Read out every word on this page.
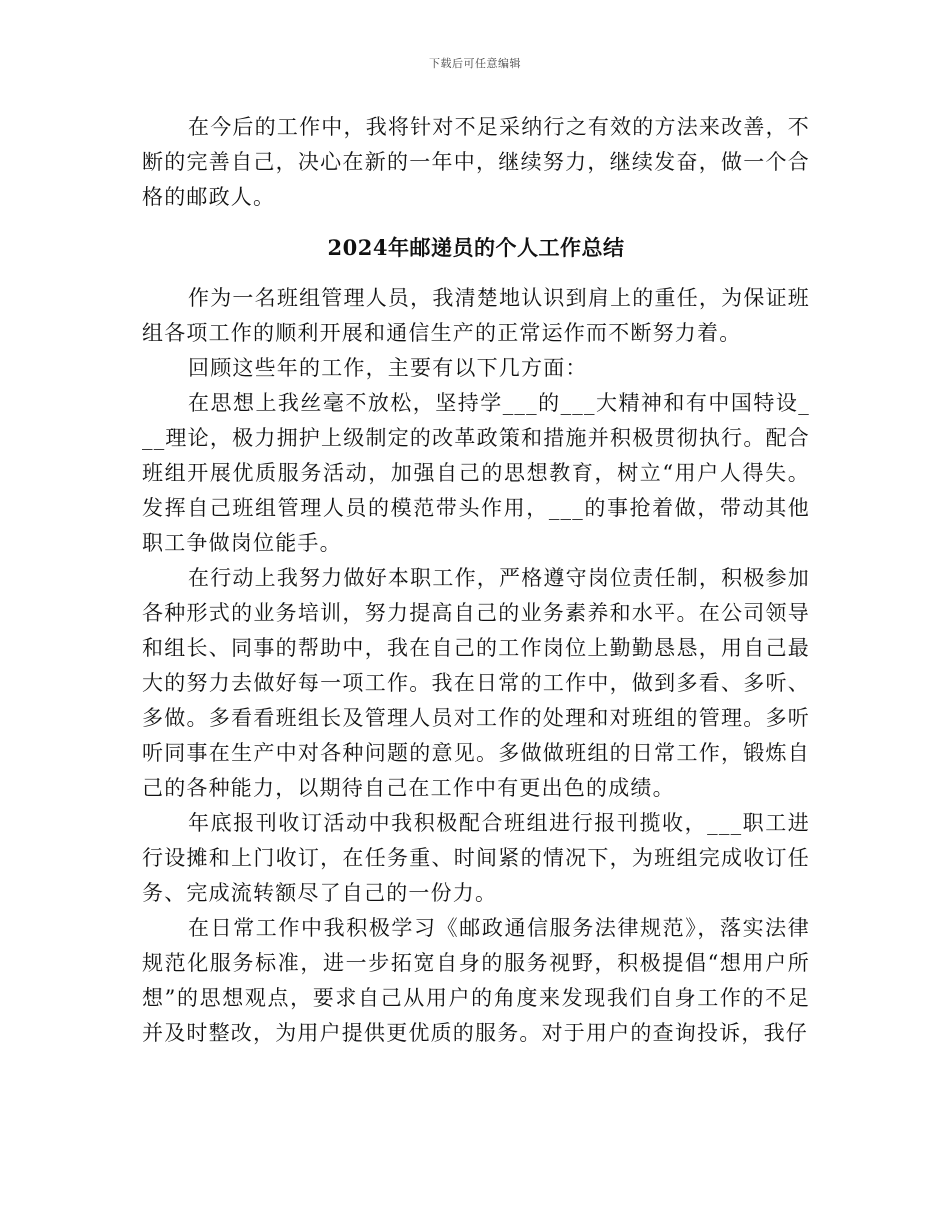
下载后可任意编辑

在今后的工作中，我将针对不足采纳行之有效的方法来改善，不断的完善自己，决心在新的一年中，继续努力，继续发奋，做一个合格的邮政人。

2024年邮递员的个人工作总结

作为一名班组管理人员，我清楚地认识到肩上的重任，为保证班组各项工作的顺利开展和通信生产的正常运作而不断努力着。

回顾这些年的工作，主要有以下几方面：

在思想上我丝毫不放松，坚持学___的___大精神和有中国特设___理论，极力拥护上级制定的改革政策和措施并积极贯彻执行。配合班组开展优质服务活动，加强自己的思想教育，树立“用户人得失。发挥自己班组管理人员的模范带头作用，___的事抢着做，带动其他职工争做岗位能手。

在行动上我努力做好本职工作，严格遵守岗位责任制，积极参加各种形式的业务培训，努力提高自己的业务素养和水平。在公司领导和组长、同事的帮助中，我在自己的工作岗位上勤勤恳恳，用自己最大的努力去做好每一项工作。我在日常的工作中，做到多看、多听、多做。多看看班组长及管理人员对工作的处理和对班组的管理。多听听同事在生产中对各种问题的意见。多做做班组的日常工作，锻炼自己的各种能力，以期待自己在工作中有更出色的成绩。

年底报刊收订活动中我积极配合班组进行报刊揽收，___职工进行设摊和上门收订，在任务重、时间紧的情况下，为班组完成收订任务、完成流转额尽了自己的一份力。

在日常工作中我积极学习《邮政通信服务法律规范》，落实法律规范化服务标准，进一步拓宽自身的服务视野，积极提倡“想用户所想”的思想观点，要求自己从用户的角度来发现我们自身工作的不足并及时整改，为用户提供更优质的服务。对于用户的查询投诉，我仔
